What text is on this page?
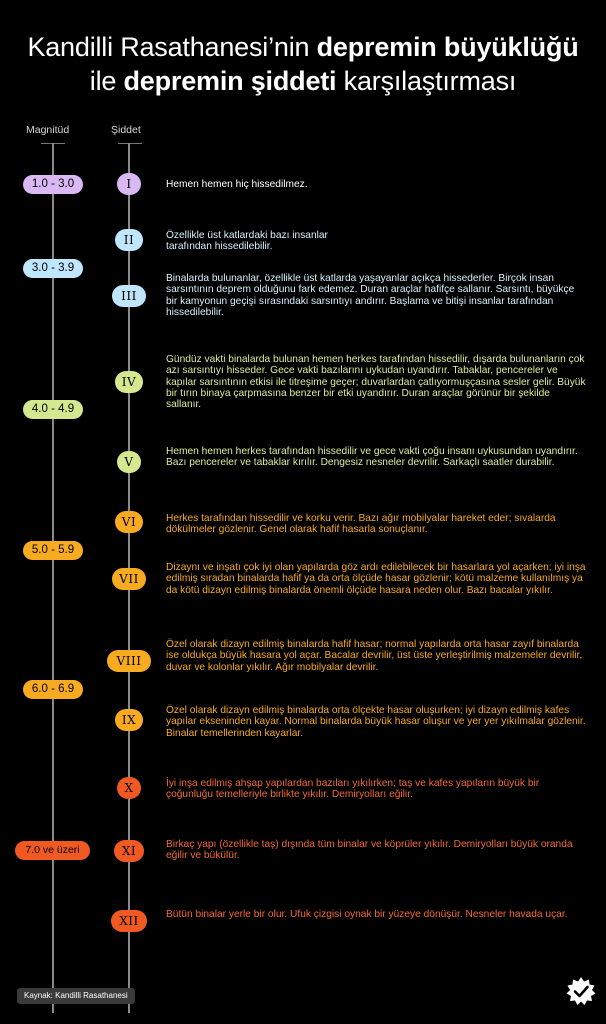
Kandilli Rasathanesi’nin depremin büyüklüğü
ile depremin şiddeti karşılaştırması
Magnitüd	Şiddet
1.0 - 3.0
3.0 - 3.9
4.0 - 4.9
5.0 - 5.9
6.0 - 6.9
7.0 ve üzeri
I
II
III
IV
V
VI
VII
VIII
IX
X
XI
XII
Hemen hemen hiç hissedilmez.
Özellikle üst katlardaki bazı insanlar tarafından hissedilebilir.
Binalarda bulunanlar, özellikle üst katlarda yaşayanlar açıkça hissederler. Birçok insan sarsıntının deprem olduğunu fark edemez. Duran araçlar hafifçe sallanır. Sarsıntı, büyükçe bir kamyonun geçişi sırasındaki sarsıntıyı andırır. Başlama ve bitişi insanlar tarafından hissedilebilir.
Gündüz vakti binalarda bulunan hemen herkes tarafından hissedilir, dışarda bulunanların çok azı sarsıntıyı hisseder. Gece vakti bazılarını uykudan uyandırır. Tabaklar, pencereler ve kapılar sarsıntının etkisi ile titreşime geçer; duvarlardan çatlıyormuşçasına sesler gelir. Büyük bir tırın binaya çarpmasına benzer bir etki uyandırır. Duran araçlar görünür bir şekilde sallanır.
Hemen hemen herkes tarafından hissedilir ve gece vakti çoğu insanı uykusundan uyandırır. Bazı pencereler ve tabaklar kırılır. Dengesiz nesneler devrilir. Sarkaçlı saatler durabilir.
Herkes tarafından hissedilir ve korku verir. Bazı ağır mobilyalar hareket eder; sıvalarda dökülmeler gözlenir. Genel olarak hafif hasarla sonuçlanır.
Dizaynı ve inşatı çok iyi olan yapılarda göz ardı edilebilecek bir hasarlara yol açarken; iyi inşa edilmiş sıradan binalarda hafif ya da orta ölçüde hasar gözlenir; kötü malzeme kullanılmış ya da kötü dizayn edilmiş binalarda önemli ölçüde hasara neden olur. Bazı bacalar yıkılır.
Özel olarak dizayn edilmiş binalarda hafif hasar; normal yapılarda orta hasar zayıf binalarda ise oldukça büyük hasara yol açar. Bacalar devrilir, üst üste yerleştirilmiş malzemeler devrilir, duvar ve kolonlar yıkılır. Ağır mobilyalar devrilir.
Özel olarak dizayn edilmiş binalarda orta ölçekte hasar oluşurken; iyi dizayn edilmiş kafes yapılar ekseninden kayar. Normal binalarda büyük hasar oluşur ve yer yer yıkılmalar gözlenir. Binalar temellerinden kayarlar.
İyi inşa edilmiş ahşap yapılardan bazıları yıkılırken; taş ve kafes yapıların büyük bir çoğunluğu temelleriyle birlikte yıkılır. Demiryolları eğilir.
Birkaç yapı (özellikle taş) dışında tüm binalar ve köprüler yıkılır. Demiryolları büyük oranda eğilir ve bükülür.
Bütün binalar yerle bir olur. Ufuk çizgisi oynak bir yüzeye dönüşür. Nesneler havada uçar.
Kaynak: Kandilli Rasathanesi
